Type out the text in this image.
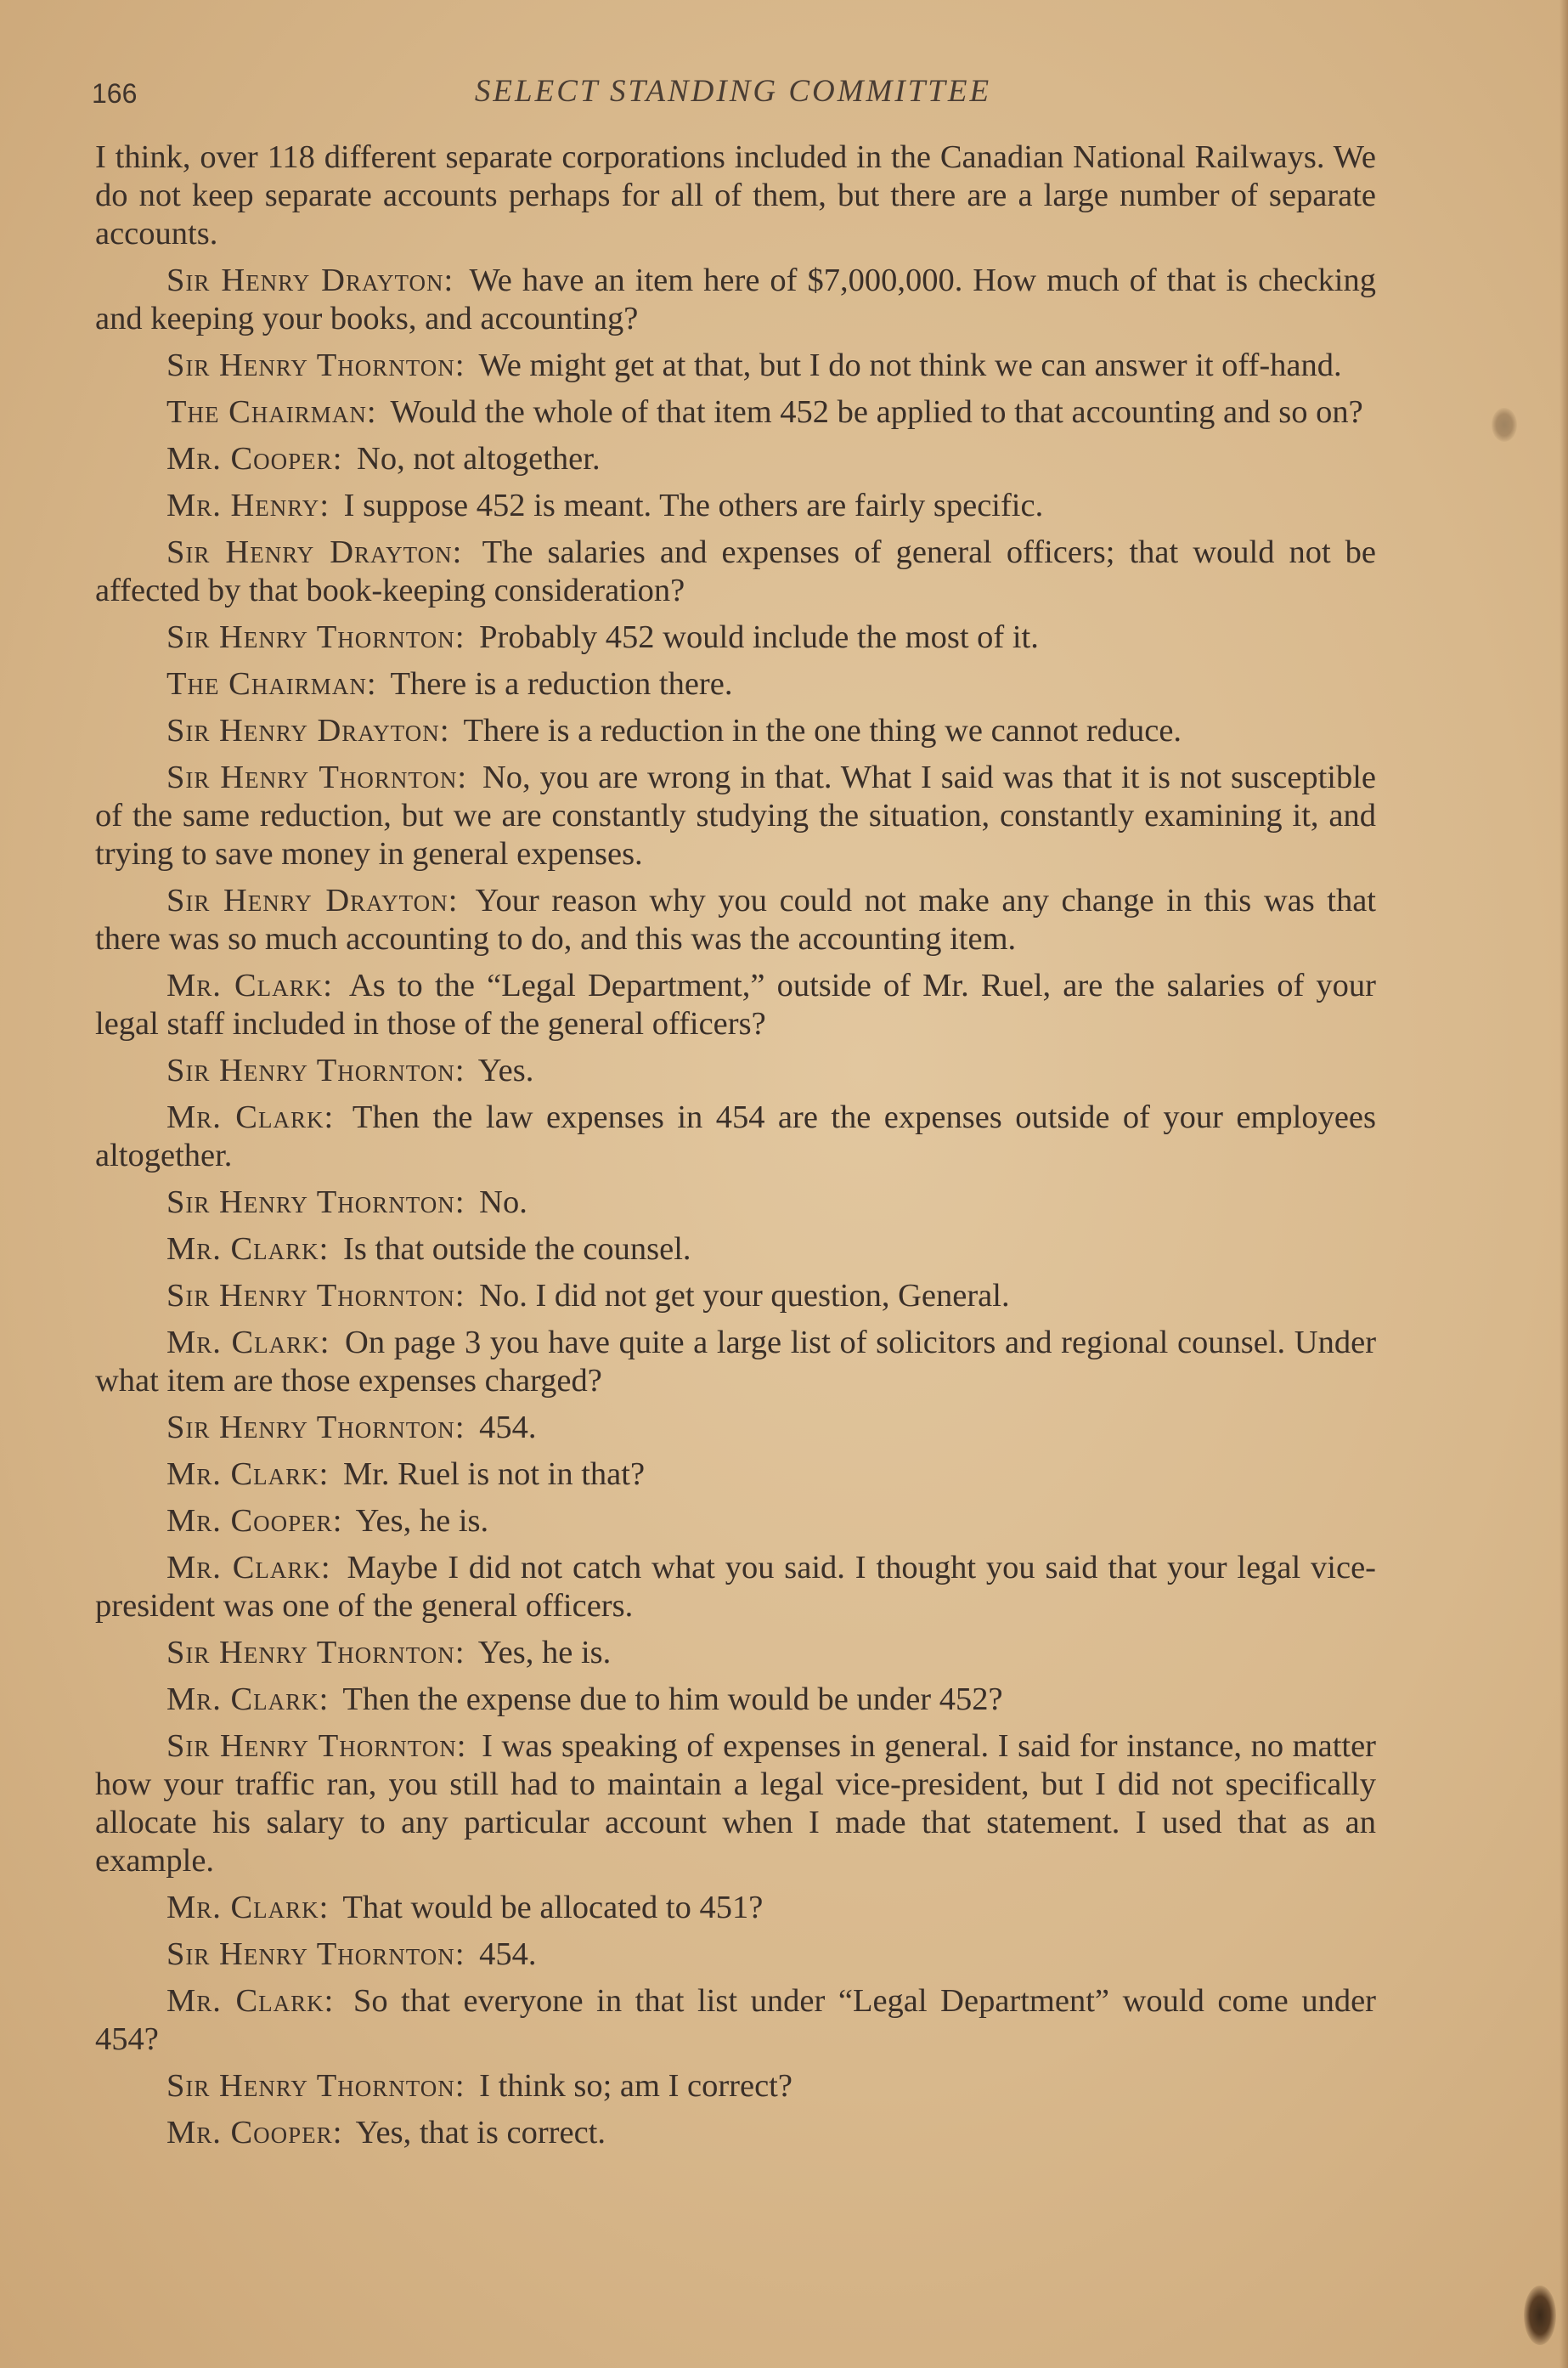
166	SELECT STANDING COMMITTEE

I think, over 118 different separate corporations included in the Canadian National Railways. We do not keep separate accounts perhaps for all of them, but there are a large number of separate accounts.

Sir Henry Drayton: We have an item here of $7,000,000. How much of that is checking and keeping your books, and accounting?

Sir Henry Thornton: We might get at that, but I do not think we can answer it off-hand.

The Chairman: Would the whole of that item 452 be applied to that accounting and so on?

Mr. Cooper: No, not altogether.

Mr. Henry: I suppose 452 is meant. The others are fairly specific.

Sir Henry Drayton: The salaries and expenses of general officers; that would not be affected by that book-keeping consideration?

Sir Henry Thornton: Probably 452 would include the most of it.

The Chairman: There is a reduction there.

Sir Henry Drayton: There is a reduction in the one thing we cannot reduce.

Sir Henry Thornton: No, you are wrong in that. What I said was that it is not susceptible of the same reduction, but we are constantly studying the situation, constantly examining it, and trying to save money in general expenses.

Sir Henry Drayton: Your reason why you could not make any change in this was that there was so much accounting to do, and this was the accounting item.

Mr. Clark: As to the “Legal Department,” outside of Mr. Ruel, are the salaries of your legal staff included in those of the general officers?

Sir Henry Thornton: Yes.

Mr. Clark: Then the law expenses in 454 are the expenses outside of your employees altogether.

Sir Henry Thornton: No.

Mr. Clark: Is that outside the counsel.

Sir Henry Thornton: No. I did not get your question, General.

Mr. Clark: On page 3 you have quite a large list of solicitors and regional counsel. Under what item are those expenses charged?

Sir Henry Thornton: 454.

Mr. Clark: Mr. Ruel is not in that?

Mr. Cooper: Yes, he is.

Mr. Clark: Maybe I did not catch what you said. I thought you said that your legal vice-president was one of the general officers.

Sir Henry Thornton: Yes, he is.

Mr. Clark: Then the expense due to him would be under 452?

Sir Henry Thornton: I was speaking of expenses in general. I said for instance, no matter how your traffic ran, you still had to maintain a legal vice-president, but I did not specifically allocate his salary to any particular account when I made that statement. I used that as an example.

Mr. Clark: That would be allocated to 451?

Sir Henry Thornton: 454.

Mr. Clark: So that everyone in that list under “Legal Department” would come under 454?

Sir Henry Thornton: I think so; am I correct?

Mr. Cooper: Yes, that is correct.
